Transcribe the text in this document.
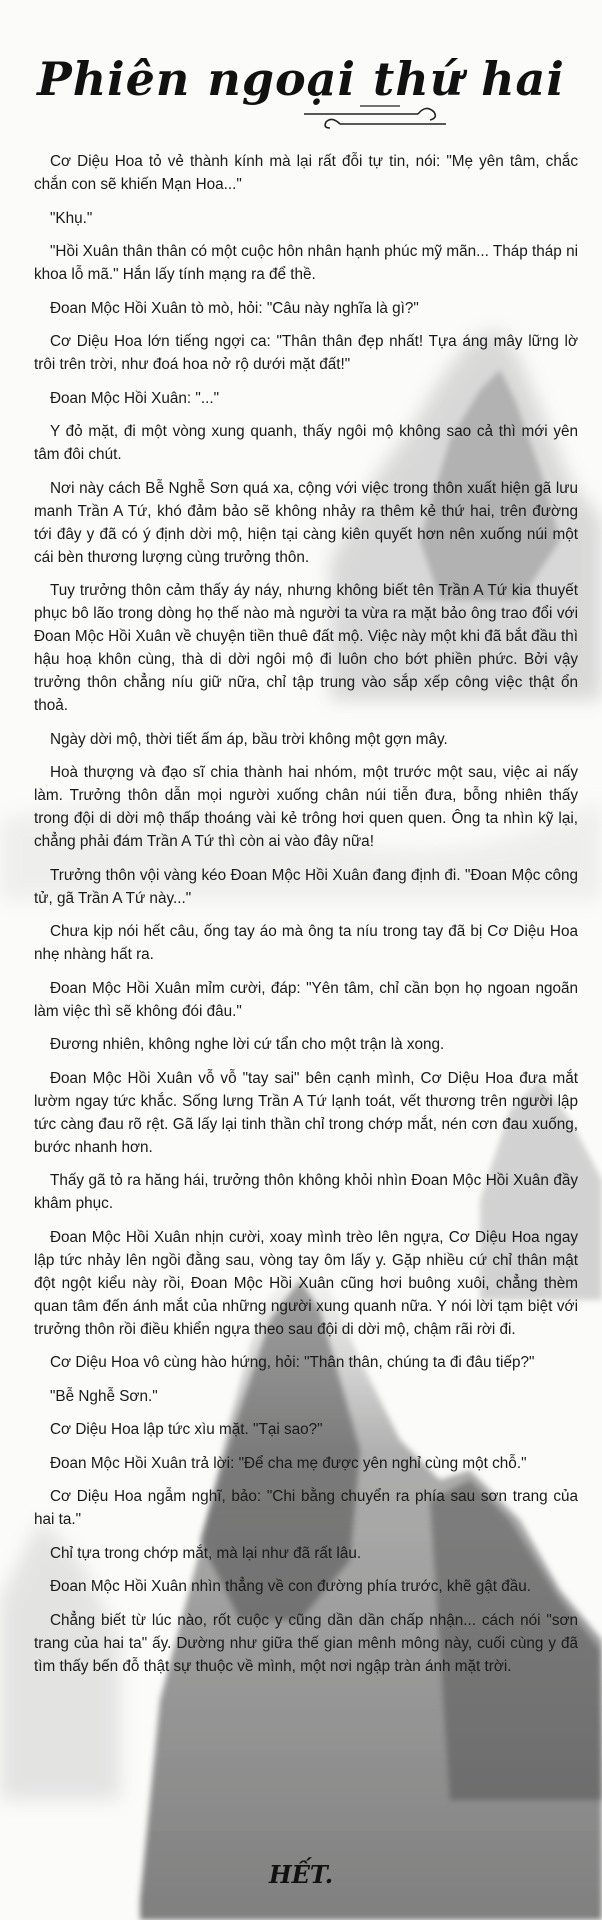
Phiên ngoại thứ hai

Cơ Diệu Hoa tỏ vẻ thành kính mà lại rất đỗi tự tin, nói: "Mẹ yên tâm, chắc chắn con sẽ khiến Mạn Hoa..."

"Khụ."

"Hồi Xuân thân thân có một cuộc hôn nhân hạnh phúc mỹ mãn... Tháp tháp ni khoa lỗ mã." Hắn lấy tính mạng ra để thề.

Đoan Mộc Hồi Xuân tò mò, hỏi: "Câu này nghĩa là gì?"

Cơ Diệu Hoa lớn tiếng ngợi ca: "Thân thân đẹp nhất! Tựa áng mây lững lờ trôi trên trời, như đoá hoa nở rộ dưới mặt đất!"

Đoan Mộc Hồi Xuân: "..."

Y đỏ mặt, đi một vòng xung quanh, thấy ngôi mộ không sao cả thì mới yên tâm đôi chút.

Nơi này cách Bễ Nghễ Sơn quá xa, cộng với việc trong thôn xuất hiện gã lưu manh Trần A Tứ, khó đảm bảo sẽ không nhảy ra thêm kẻ thứ hai, trên đường tới đây y đã có ý định dời mộ, hiện tại càng kiên quyết hơn nên xuống núi một cái bèn thương lượng cùng trưởng thôn.

Tuy trưởng thôn cảm thấy áy náy, nhưng không biết tên Trần A Tứ kia thuyết phục bô lão trong dòng họ thế nào mà người ta vừa ra mặt bảo ông trao đổi với Đoan Mộc Hồi Xuân về chuyện tiền thuê đất mộ. Việc này một khi đã bắt đầu thì hậu hoạ khôn cùng, thà di dời ngôi mộ đi luôn cho bớt phiền phức. Bởi vậy trưởng thôn chẳng níu giữ nữa, chỉ tập trung vào sắp xếp công việc thật ổn thoả.

Ngày dời mộ, thời tiết ấm áp, bầu trời không một gợn mây.

Hoà thượng và đạo sĩ chia thành hai nhóm, một trước một sau, việc ai nấy làm. Trưởng thôn dẫn mọi người xuống chân núi tiễn đưa, bỗng nhiên thấy trong đội di dời mộ thấp thoáng vài kẻ trông hơi quen quen. Ông ta nhìn kỹ lại, chẳng phải đám Trần A Tứ thì còn ai vào đây nữa!

Trưởng thôn vội vàng kéo Đoan Mộc Hồi Xuân đang định đi. "Đoan Mộc công tử, gã Trần A Tứ này..."

Chưa kịp nói hết câu, ống tay áo mà ông ta níu trong tay đã bị Cơ Diệu Hoa nhẹ nhàng hất ra.

Đoan Mộc Hồi Xuân mỉm cười, đáp: "Yên tâm, chỉ cần bọn họ ngoan ngoãn làm việc thì sẽ không đói đâu."

Đương nhiên, không nghe lời cứ tẩn cho một trận là xong.

Đoan Mộc Hồi Xuân vỗ vỗ "tay sai" bên cạnh mình, Cơ Diệu Hoa đưa mắt lườm ngay tức khắc. Sống lưng Trần A Tứ lạnh toát, vết thương trên người lập tức càng đau rõ rệt. Gã lấy lại tinh thần chỉ trong chớp mắt, nén cơn đau xuống, bước nhanh hơn.

Thấy gã tỏ ra hăng hái, trưởng thôn không khỏi nhìn Đoan Mộc Hồi Xuân đầy khâm phục.

Đoan Mộc Hồi Xuân nhịn cười, xoay mình trèo lên ngựa, Cơ Diệu Hoa ngay lập tức nhảy lên ngồi đằng sau, vòng tay ôm lấy y. Gặp nhiều cứ chỉ thân mật đột ngột kiểu này rồi, Đoan Mộc Hồi Xuân cũng hơi buông xuôi, chẳng thèm quan tâm đến ánh mắt của những người xung quanh nữa. Y nói lời tạm biệt với trưởng thôn rồi điều khiển ngựa theo sau đội di dời mộ, chậm rãi rời đi.

Cơ Diệu Hoa vô cùng hào hứng, hỏi: "Thân thân, chúng ta đi đâu tiếp?"

"Bễ Nghễ Sơn."

Cơ Diệu Hoa lập tức xìu mặt. "Tại sao?"

Đoan Mộc Hồi Xuân trả lời: "Để cha mẹ được yên nghỉ cùng một chỗ."

Cơ Diệu Hoa ngẫm nghĩ, bảo: "Chi bằng chuyển ra phía sau sơn trang của hai ta."

Chỉ tựa trong chớp mắt, mà lại như đã rất lâu.

Đoan Mộc Hồi Xuân nhìn thẳng về con đường phía trước, khẽ gật đầu.

Chẳng biết từ lúc nào, rốt cuộc y cũng dần dần chấp nhận... cách nói "sơn trang của hai ta" ấy. Dường như giữa thế gian mênh mông này, cuối cùng y đã tìm thấy bến đỗ thật sự thuộc về mình, một nơi ngập tràn ánh mặt trời.

HẾT.
